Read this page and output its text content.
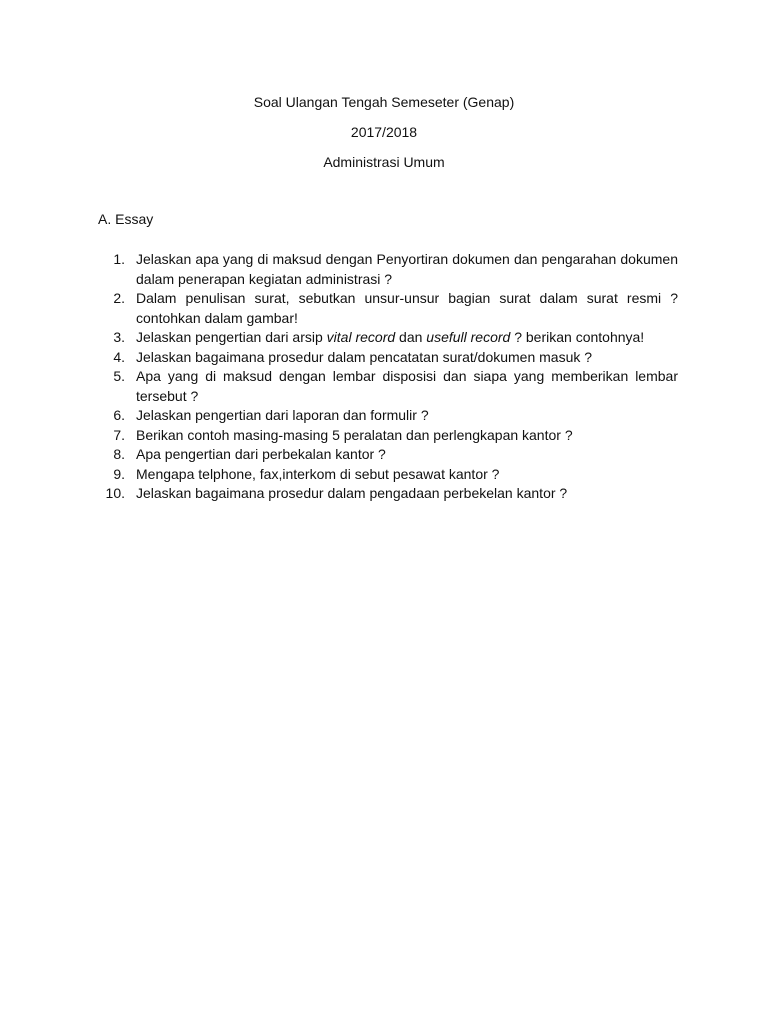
Soal Ulangan Tengah Semeseter (Genap)
2017/2018
Administrasi Umum
A. Essay
1. Jelaskan apa yang di maksud dengan Penyortiran dokumen dan pengarahan dokumen dalam penerapan kegiatan administrasi ?
2. Dalam penulisan surat, sebutkan unsur-unsur bagian surat dalam surat resmi ? contohkan dalam gambar!
3. Jelaskan pengertian dari arsip vital record dan usefull record ? berikan contohnya!
4. Jelaskan bagaimana prosedur dalam pencatatan surat/dokumen masuk ?
5. Apa yang di maksud dengan lembar disposisi dan siapa yang memberikan lembar tersebut ?
6. Jelaskan pengertian dari laporan dan formulir ?
7. Berikan contoh masing-masing 5 peralatan dan perlengkapan kantor ?
8. Apa pengertian dari perbekalan kantor ?
9. Mengapa telphone, fax,interkom di sebut pesawat kantor ?
10. Jelaskan bagaimana prosedur dalam pengadaan perbekelan kantor ?
